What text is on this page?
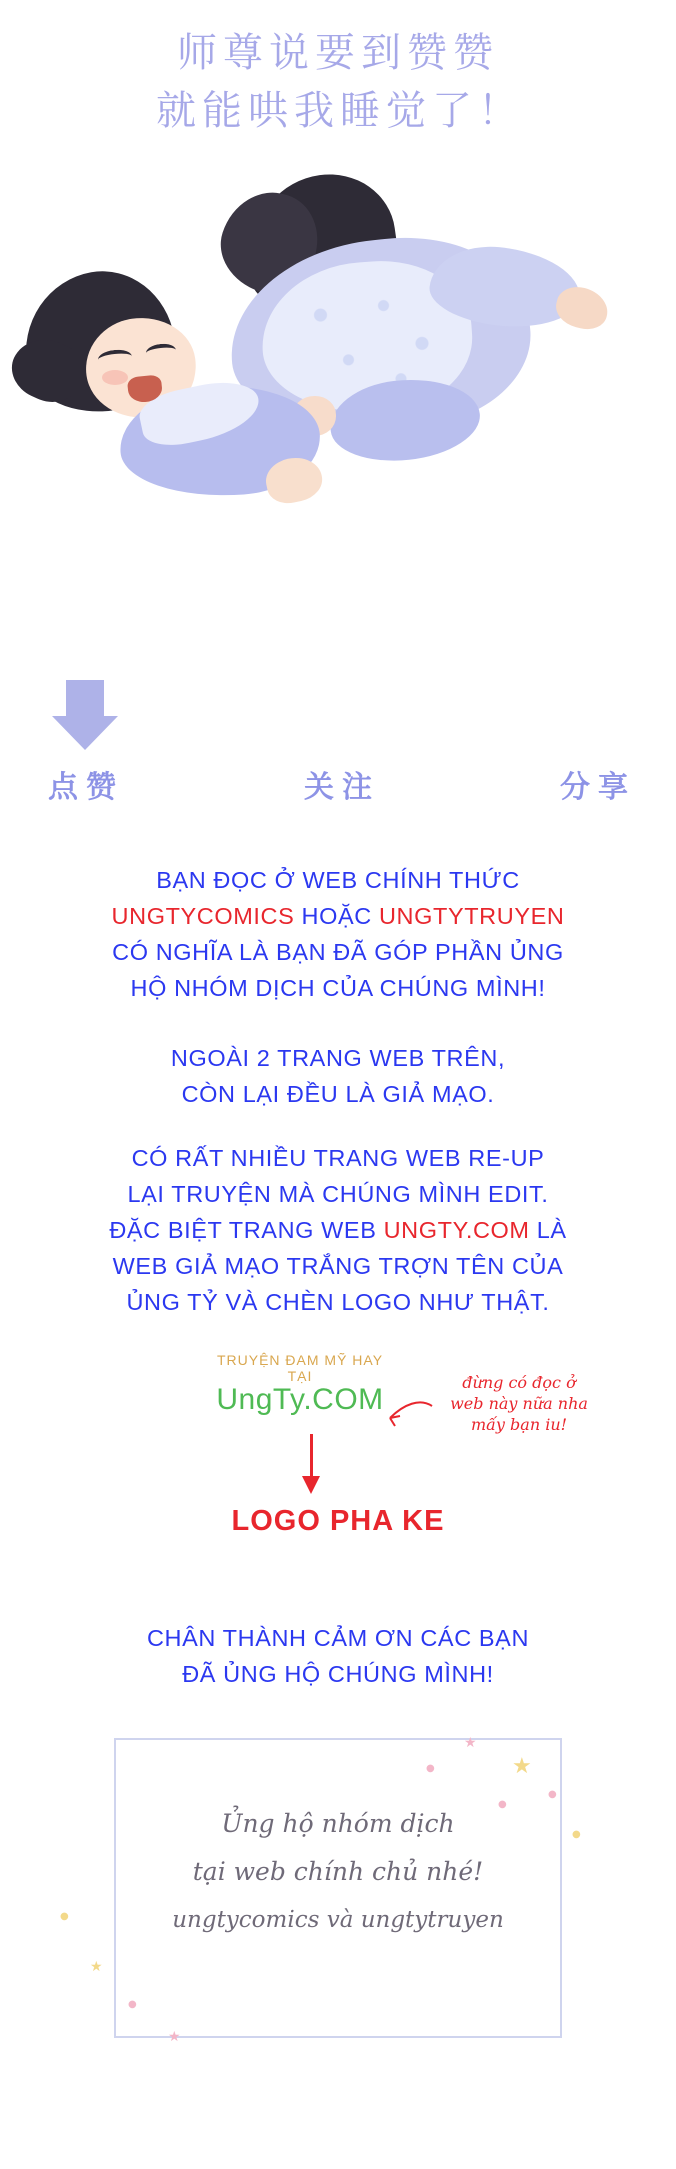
师尊说要到赞赞
就能哄我睡觉了！
点赞	关注	分享
BẠN ĐỌC Ở WEB CHÍNH THỨC
UNGTYCOMICS HOẶC UNGTYTRUYEN
CÓ NGHĨA LÀ BẠN ĐÃ GÓP PHẦN ỦNG
HỘ NHÓM DỊCH CỦA CHÚNG MÌNH!
NGOÀI 2 TRANG WEB TRÊN,
CÒN LẠI ĐỀU LÀ GIẢ MẠO.
CÓ RẤT NHIỀU TRANG WEB RE-UP
LẠI TRUYỆN MÀ CHÚNG MÌNH EDIT.
ĐẶC BIỆT TRANG WEB UNGTY.COM LÀ
WEB GIẢ MẠO TRẮNG TRỢN TÊN CỦA
ỦNG TỶ VÀ CHÈN LOGO NHƯ THẬT.
TRUYỆN ĐAM MỸ HAY TẠI
UngTy.COM
đừng có đọc ở
web này nữa nha
mấy bạn iu!
LOGO PHA KE
CHÂN THÀNH CẢM ƠN CÁC BẠN
ĐÃ ỦNG HỘ CHÚNG MÌNH!
Ủng hộ nhóm dịch
tại web chính chủ nhé!
ungtycomics và ungtytruyen
★
★
●
●
●
★
●
★
●
●
